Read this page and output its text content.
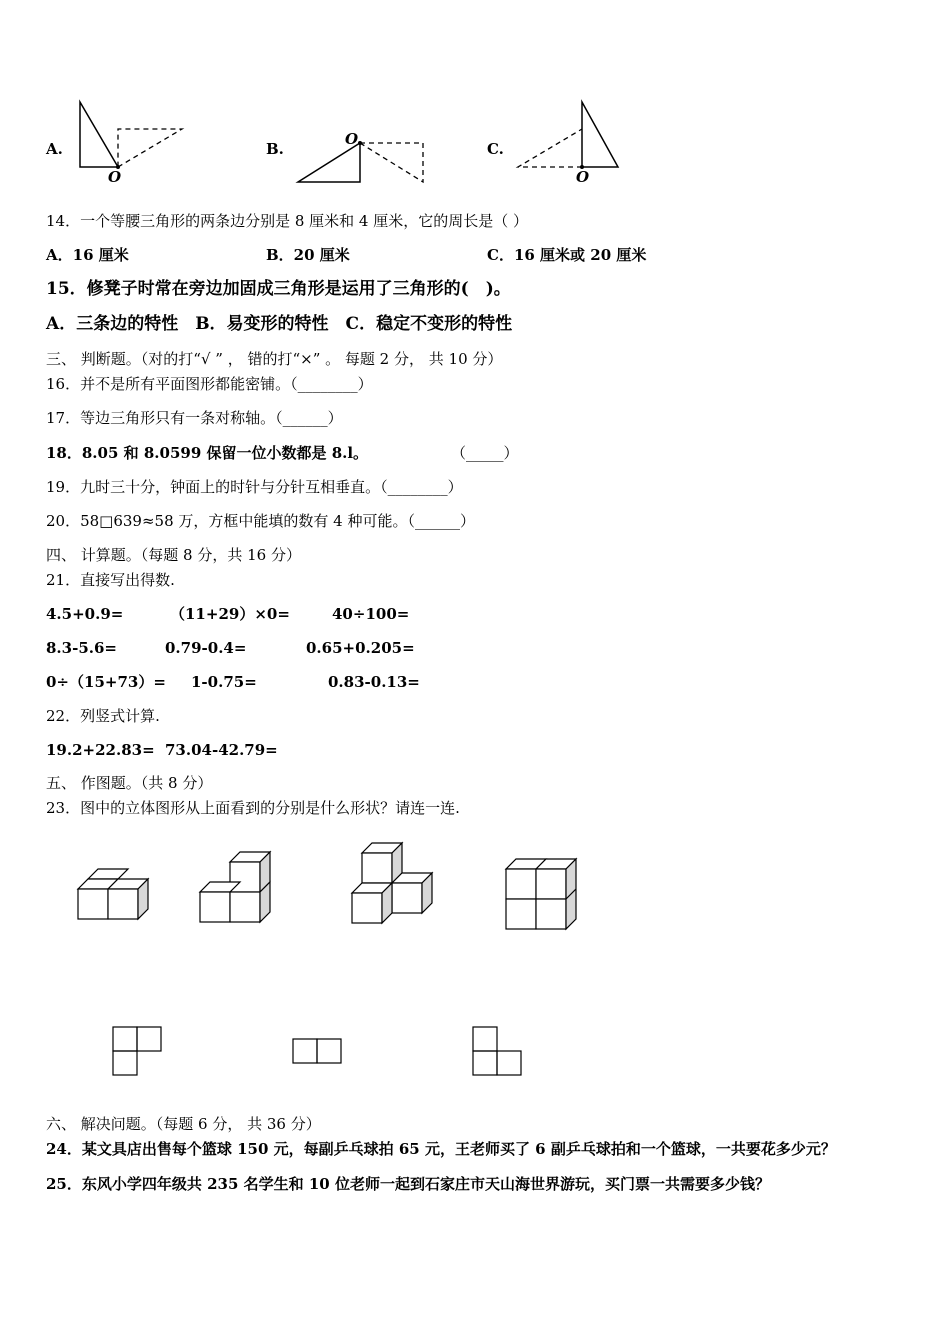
A.
O
B.
O
C.
O
14．一个等腰三角形的两条边分别是 8 厘米和 4 厘米，它的周长是（ ）
A．16 厘米	B．20 厘米	C．16 厘米或 20 厘米
15．修凳子时常在旁边加固成三角形是运用了三角形的(　)。
A．三条边的特性　B．易变形的特性　C．稳定不变形的特性
三、 判断题。（对的打“√ ” ， 错的打“×” 。 每题 2 分， 共 10 分）
16．并不是所有平面图形都能密铺。（________）
17．等边三角形只有一条对称轴。（______）
18．8.05 和 8.0599 保留一位小数都是 8.l。	（_____）
19．九时三十分，钟面上的时针与分针互相垂直。（________）
20．58□639≈58 万，方框中能填的数有 4 种可能。（______）
四、 计算题。（每题 8 分，共 16 分）
21．直接写出得数.
4.5+0.9=	（11+29）×0=	40÷100=
8.3-5.6=	0.79-0.4=	0.65+0.205=
0÷（15+73）= 1-0.75=	0.83-0.13=
22．列竖式计算.
19.2+22.83= 73.04-42.79=
五、 作图题。（共 8 分）
23．图中的立体图形从上面看到的分别是什么形状？请连一连.
六、 解决问题。（每题 6 分， 共 36 分）
24．某文具店出售每个篮球 150 元，每副乒乓球拍 65 元，王老师买了 6 副乒乓球拍和一个篮球，一共要花多少元？
25．东风小学四年级共 235 名学生和 10 位老师一起到石家庄市天山海世界游玩，买门票一共需要多少钱？
